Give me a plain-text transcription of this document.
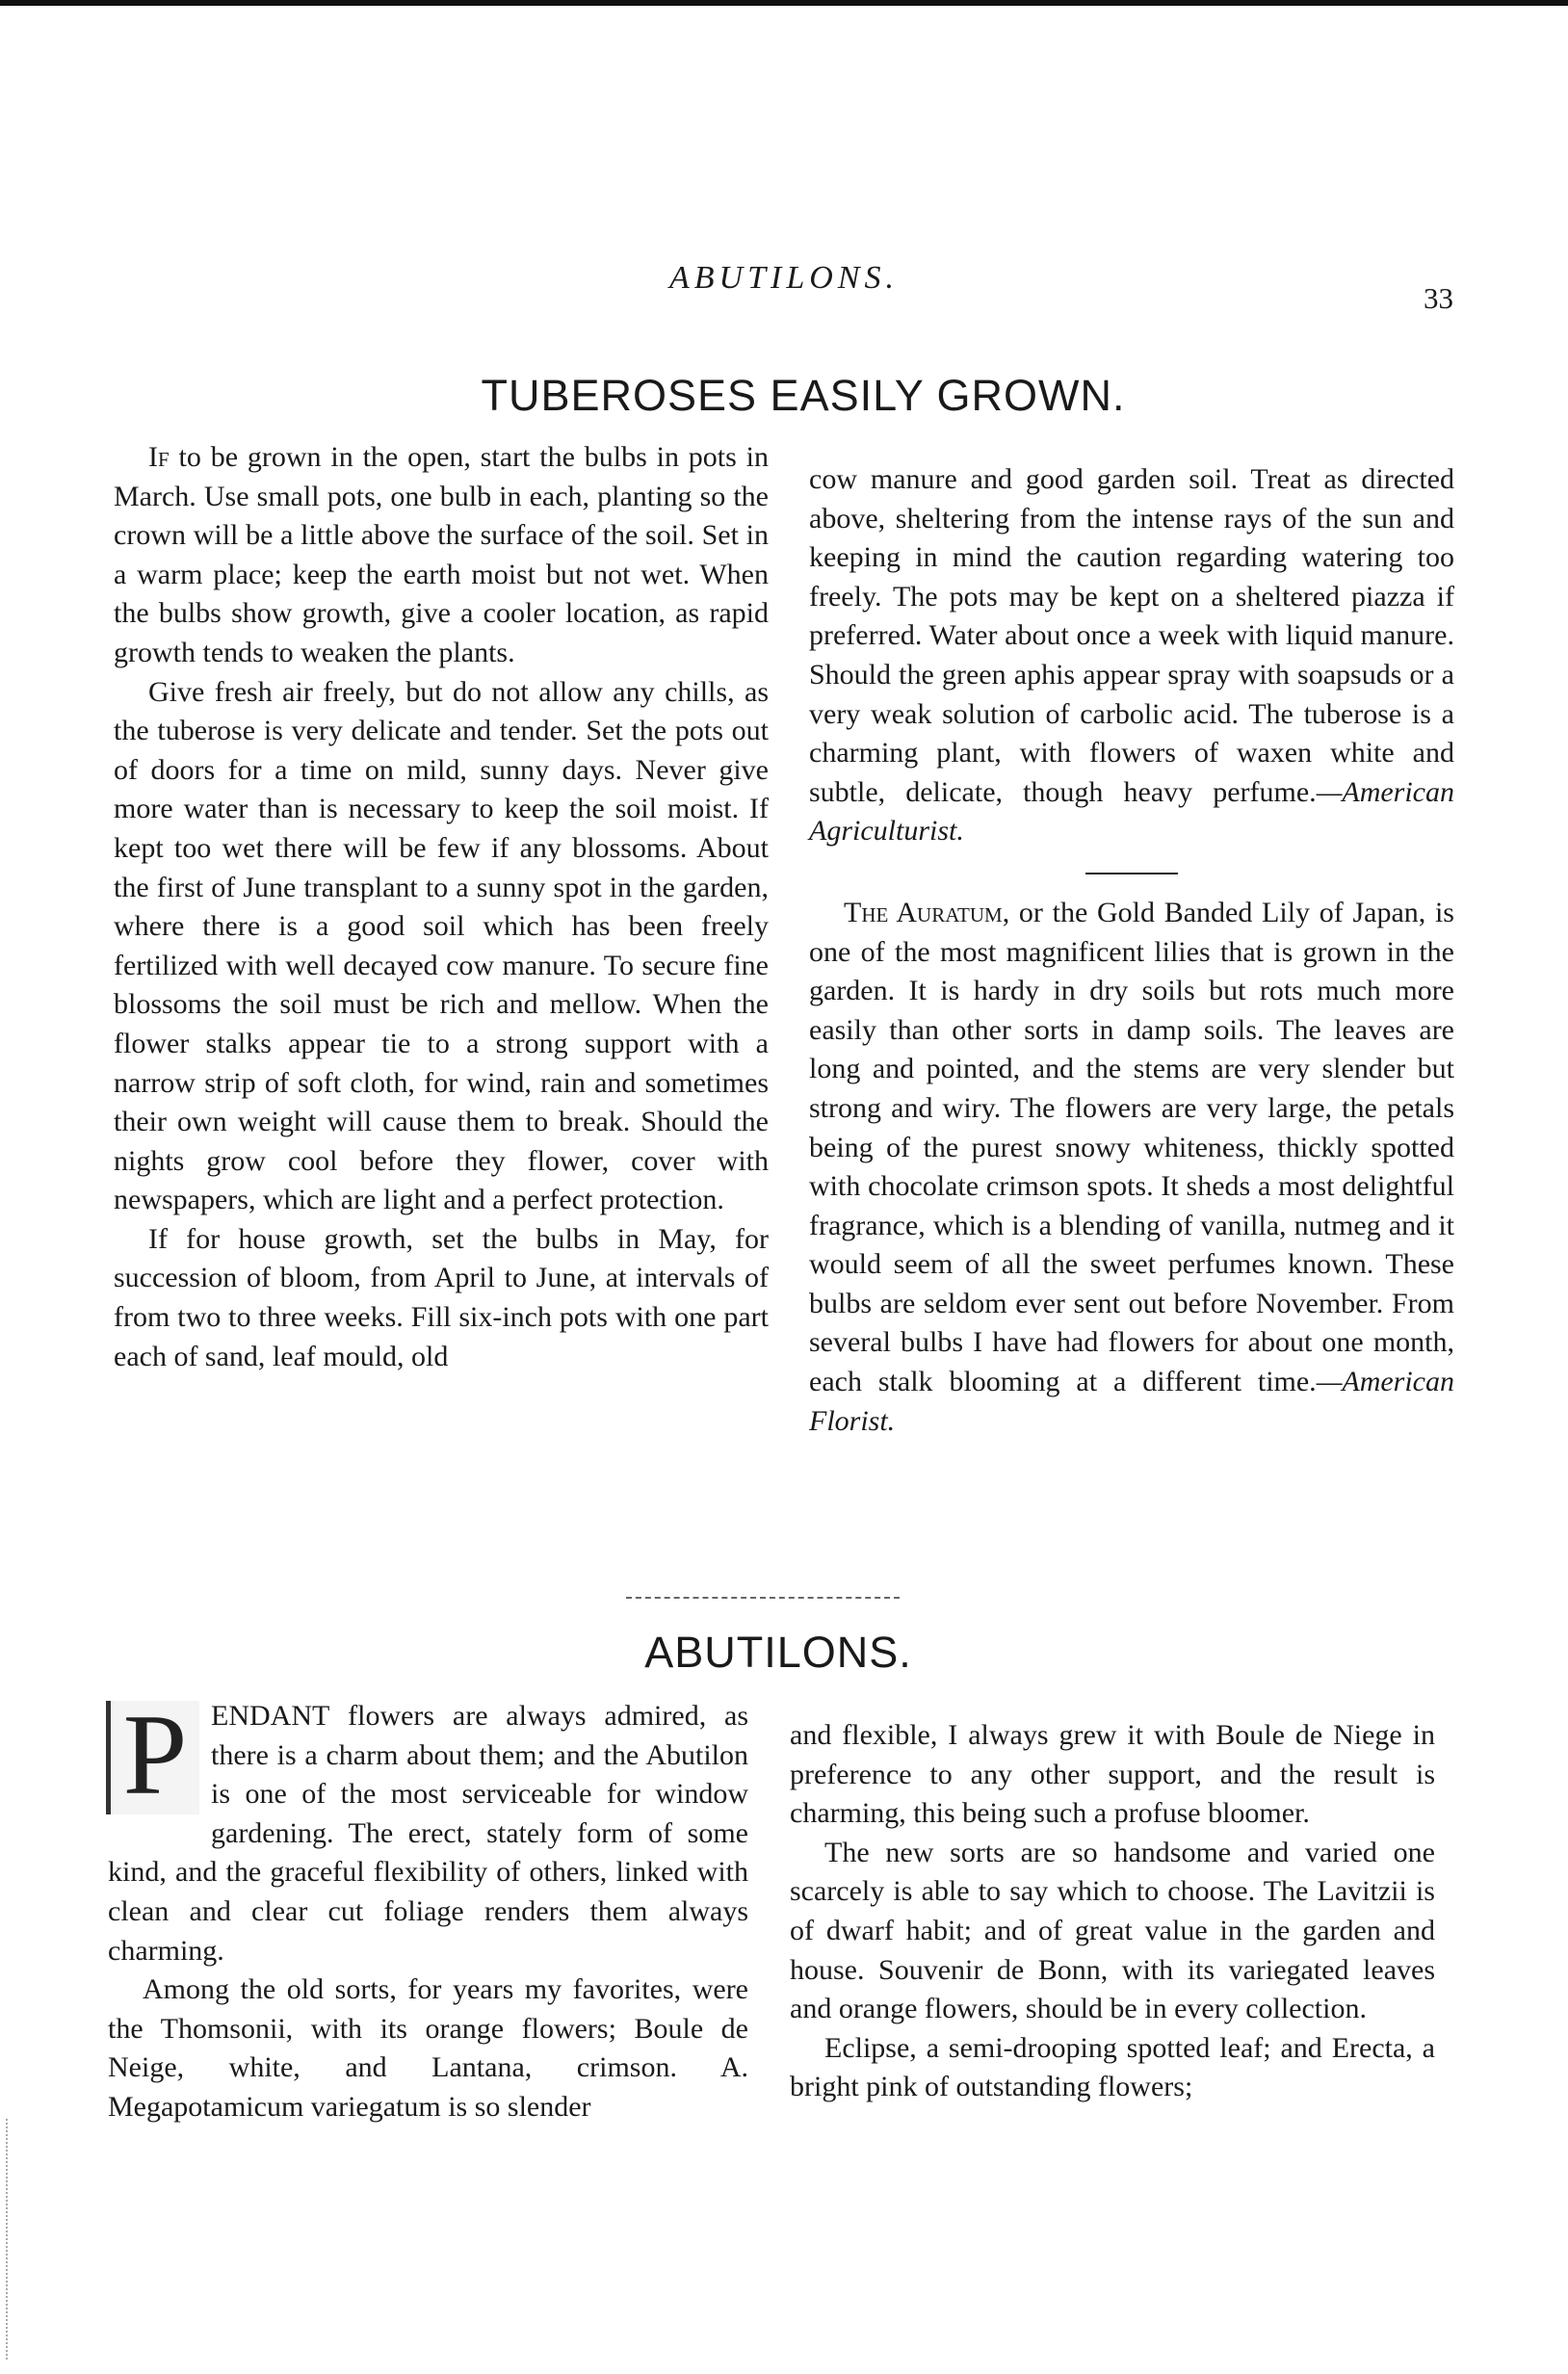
ABUTILONS.
33
TUBEROSES EASILY GROWN.

If to be grown in the open, start the bulbs in pots in March. Use small pots, one bulb in each, planting so the crown will be a little above the surface of the soil. Set in a warm place; keep the earth moist but not wet. When the bulbs show growth, give a cooler location, as rapid growth tends to weaken the plants.

Give fresh air freely, but do not allow any chills, as the tuberose is very delicate and tender. Set the pots out of doors for a time on mild, sunny days. Never give more water than is necessary to keep the soil moist. If kept too wet there will be few if any blossoms. About the first of June transplant to a sunny spot in the garden, where there is a good soil which has been freely fertilized with well decayed cow manure. To secure fine blossoms the soil must be rich and mellow. When the flower stalks appear tie to a strong support with a narrow strip of soft cloth, for wind, rain and sometimes their own weight will cause them to break. Should the nights grow cool before they flower, cover with newspapers, which are light and a perfect protection.

If for house growth, set the bulbs in May, for succession of bloom, from April to June, at intervals of from two to three weeks. Fill six-inch pots with one part each of sand, leaf mould, old

cow manure and good garden soil. Treat as directed above, sheltering from the intense rays of the sun and keeping in mind the caution regarding watering too freely. The pots may be kept on a sheltered piazza if preferred. Water about once a week with liquid manure. Should the green aphis appear spray with soapsuds or a very weak solution of carbolic acid. The tuberose is a charming plant, with flowers of waxen white and subtle, delicate, though heavy perfume.—American Agriculturist.

The Auratum, or the Gold Banded Lily of Japan, is one of the most magnificent lilies that is grown in the garden. It is hardy in dry soils but rots much more easily than other sorts in damp soils. The leaves are long and pointed, and the stems are very slender but strong and wiry. The flowers are very large, the petals being of the purest snowy whiteness, thickly spotted with chocolate crimson spots. It sheds a most delightful fragrance, which is a blending of vanilla, nutmeg and it would seem of all the sweet perfumes known. These bulbs are seldom ever sent out before November. From several bulbs I have had flowers for about one month, each stalk blooming at a different time.—American Florist.

ABUTILONS.

P ENDANT flowers are always admired, as there is a charm about them; and the Abutilon is one of the most serviceable for window gardening. The erect, stately form of some kind, and the graceful flexibility of others, linked with clean and clear cut foliage renders them always charming.

Among the old sorts, for years my favorites, were the Thomsonii, with its orange flowers; Boule de Neige, white, and Lantana, crimson. A. Megapotamicum variegatum is so slender

and flexible, I always grew it with Boule de Niege in preference to any other support, and the result is charming, this being such a profuse bloomer.

The new sorts are so handsome and varied one scarcely is able to say which to choose. The Lavitzii is of dwarf habit; and of great value in the garden and house. Souvenir de Bonn, with its variegated leaves and orange flowers, should be in every collection.

Eclipse, a semi-drooping spotted leaf; and Erecta, a bright pink of outstanding flowers;
